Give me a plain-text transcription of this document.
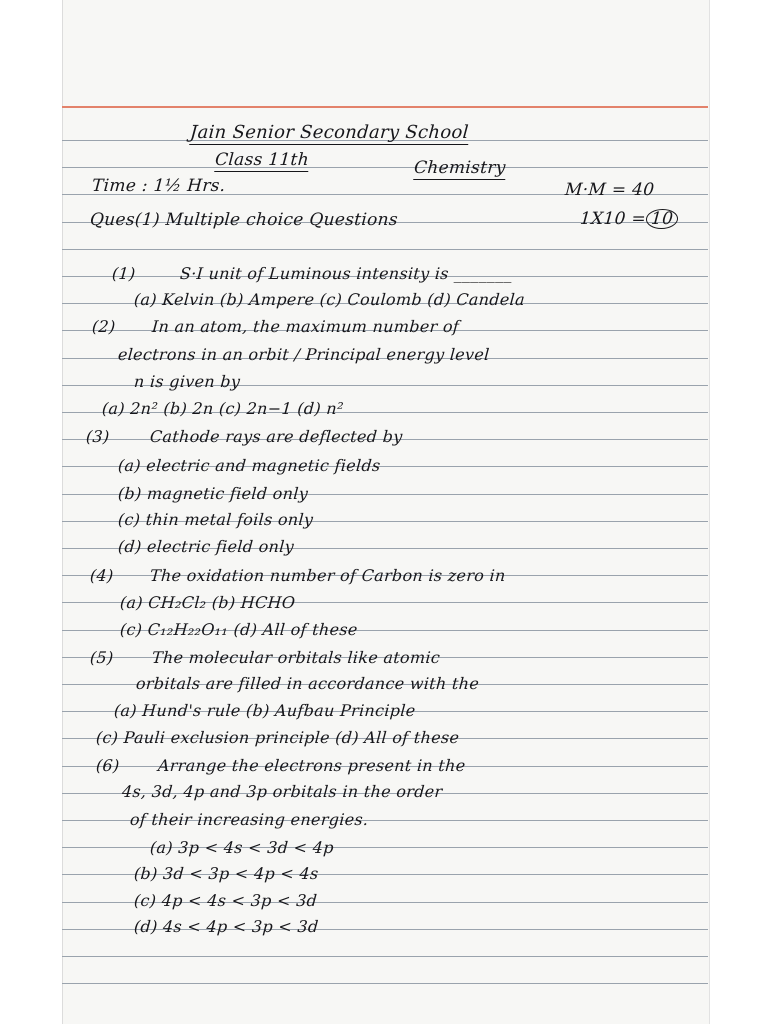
Jain Senior Secondary School
Class 11th	Chemistry
Time : 1½ Hrs.	M·M = 40
Ques(1) Multiple choice Questions	1X10 = 10
(1)	S·I unit of Luminous intensity is _______
(a) Kelvin (b) Ampere (c) Coulomb (d) Candela
(2) In an atom, the maximum number of
electrons in an orbit / Principal energy level
n is given by
(a) 2n² (b) 2n (c) 2n−1 (d) n²
(3) Cathode rays are deflected by
(a) electric and magnetic fields
(b) magnetic field only
(c) thin metal foils only
(d) electric field only
(4) The oxidation number of Carbon is zero in
(a) CH₂Cl₂ (b) HCHO
(c) C₁₂H₂₂O₁₁ (d) All of these
(5) The molecular orbitals like atomic
orbitals are filled in accordance with the
(a) Hund's rule (b) Aufbau Principle
(c) Pauli exclusion principle (d) All of these
(6) Arrange the electrons present in the
4s, 3d, 4p and 3p orbitals in the order
of their increasing energies.
(a) 3p < 4s < 3d < 4p
(b) 3d < 3p < 4p < 4s
(c) 4p < 4s < 3p < 3d
(d) 4s < 4p < 3p < 3d
